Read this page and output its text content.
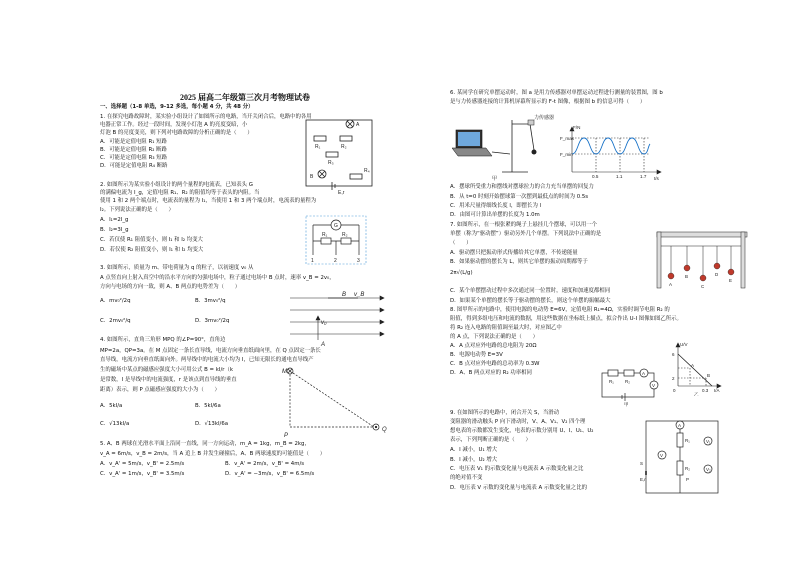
2025 届高二年级第三次月考物理试卷
一、选择题（1-8 单选，9-12 多选，每小题 4 分，共 48 分）
1. 在探究电路故障时，某实验小组设计了如图所示的电路，当开关闭合后，电路中的各用
电器正常工作。经过一段时间，发现小灯泡 A 的亮度变暗，小
灯泡 B 的亮度变亮，则下列对电路故障的分析正确的是（　　）
A．可能是定值电阻 R₁ 短路
B．可能是定值电阻 R₂ 断路
C．可能是定值电阻 R₃ 短路
D．可能是定值电阻 R₄ 断路
2. 如图所示为某实验小组设计的两个量程的电流表，已知表头 G
的满偏电流为 I_g，定值电阻 R₁、R₂ 的阻值均等于表头的内阻。当
使用 1 和 2 两个端点时，电流表的量程为 I₁，当使用 1 和 3 两个端点时，电流表的量程为
I₂。下列说法正确的是（　　）
A．I₁=2I_g
B．I₂=3I_g
C．若仅使 R₁ 阻值变小，则 I₁ 和 I₂ 均变大
D．若仅使 R₂ 阻值变小，则 I₁ 和 I₂ 均变大
3. 如图所示，质量为 m、带电荷量为 q 的粒子，以初速度 v₀ 从
A 点竖直向上射入真空中的沿水平方向的匀强电场中，粒子通过电场中 B 点时，速率 v_B = 2v₀，
方向与电场的方向一致，则 A、B 两点的电势差为（　　）
A．mv₀²/2q	B．3mv₀²/q
C．2mv₀²/q	D．3mv₀²/2q
4. 如图所示，直角三角形 MPQ 的∠P=90°，直角边
MP=2a，QP=3a。在 M 点固定一条长直导线，电流方向垂直纸面向里，在 Q 点固定一条长
直导线，电流方向垂直纸面向外。两导线中的电流大小均为 I，已知无限长的通电直导线产
生的磁场中某点的磁感应强度大小可用公式 B = kI/r（k
是常数，I 是导线中的电流强度，r 是该点到直导线的垂直
距离）表示，则 P 点磁感应强度的大小为（　　）
A．5kI/a	B．5kI/6a
C．√13kI/a	D．√13kI/6a
5. A、B 两球在光滑水平面上沿同一直线，同一方向运动，m_A = 1kg，m_B = 2kg，
v_A = 6m/s，v_B = 2m/s，当 A 追上 B 并发生碰撞后，A、B 两球速度的可能值是（　　）
A．v_A' = 5m/s，v_B' = 2.5m/s	B．v_A' = 2m/s，v_B' = 4m/s
C．v_A' = 1m/s，v_B' = 3.5m/s	D．v_A' = −3m/s，v_B' = 6.5m/s
R₁	R₂
R₃
R₄
A
B
E,r
G
R₁	R₂
1	2	3
B v_B
v₀
A
M
P
Q
6. 某同学在研究单摆运动时，图 a 是用力传感器对单摆运动过程进行测量的装置图，图 b
是与力传感器连接的计算机屏幕所显示的 F-t 图像，根据图 b 的信息可得（　　）
A．摆球所受重力和摆线对摆球拉力的合力充当单摆的回复力
B．从 t=0 时刻开始摆球第一次摆到最低点的时间为 0.5s
C．用米尺量得细线长度 l，即摆长为 l
D．由图可计算出单摆的长度为 1.0m
7. 如图所示，在一根张紧的绳子上悬挂几个摆球，可以用一个
单摆（称为“驱动摆”）驱动另外几个单摆。下列说法中正确的是
（　　）
A．驱动摆只把振动形式传播给其它单摆，不传递能量
B．如果驱动摆的摆长为 L，则其它单摆的振动周期都等于
2π√(L/g)
C．某个单摆摆动过程中多次通过同一位置时，速度和加速度都相同
D．如果某个单摆的摆长等于驱动摆的摆长，则这个单摆的振幅最大
8. 图甲所示的电路中，使用电源的电动势 E=6V，定值电阻 R₁=4Ω，实验时调节电阻 R₂ 的
阻值，得到多组电压和电流的数据，用这些数据在坐标纸上描点，拟合作出 U-I 图像如图乙所示。
将 R₂ 连入电路的阻值调至最大时，对应图乙中
的 A 点，下列说法正确的是（　　）
A．A 点对应外电路的总电阻为 20Ω
B．电源电动势 E=3V
C．B 点对应外电路的总功率为 0.3W
D．A、B 两点对应的 R₂ 功率相同
9. 在如图所示的电路中，闭合开关 S，当滑动
变阻器的滑动触头 P 向下滑动时，V、A、V₁、V₂ 四个理
想电表的示数都发生变化，电表的示数分别用 U、I、U₁、U₂
表示，下列判断正确的是（　　）
A．I 减小，U₁ 增大
B．I 减小，U₂ 增大
C．电压表 V₁ 的示数变化量与电流表 A 示数变化量之比
的绝对值不变
D．电压表 V 示数的变化量与电流表 A 示数变化量之比的
力传感器
甲
F/N
F_max
F_min
0.5	1.1	1.7 t/s
A
B
C
D
E
A
V
R₁ R₂
甲
U/V
6
2
A
B
0	0.3 I/A
乙
A
R₁
R₂
V₁
V₂
V
S
E,r	P
